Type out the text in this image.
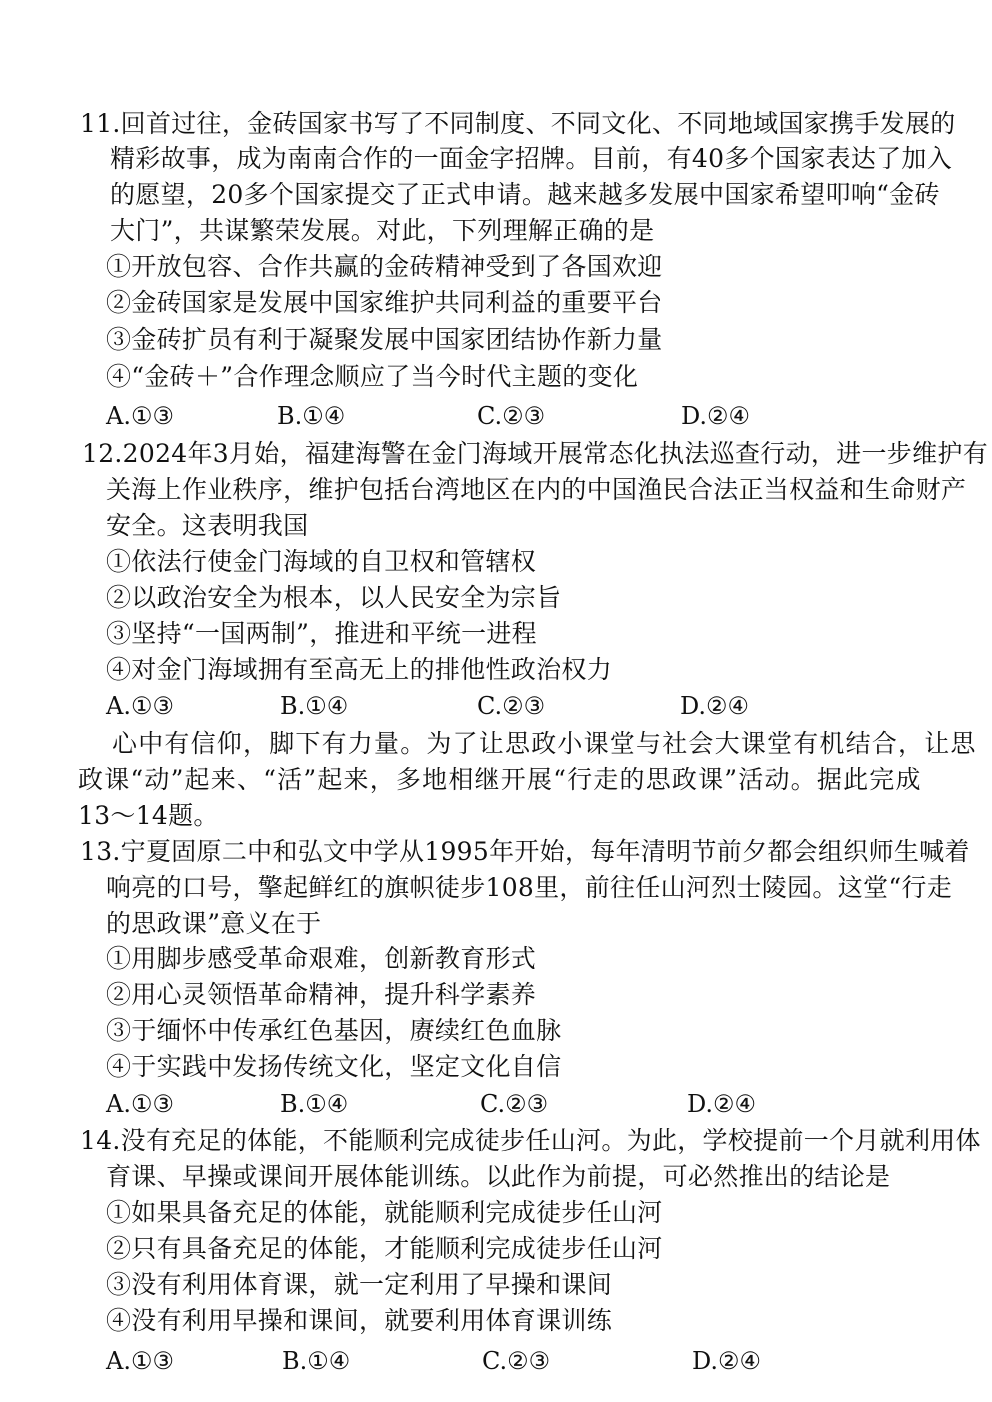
11.回首过往，金砖国家书写了不同制度、不同文化、不同地域国家携手发展的
精彩故事，成为南南合作的一面金字招牌。目前，有40多个国家表达了加入
的愿望，20多个国家提交了正式申请。越来越多发展中国家希望叩响“金砖
大门”，共谋繁荣发展。对此，下列理解正确的是
①开放包容、合作共赢的金砖精神受到了各国欢迎
②金砖国家是发展中国家维护共同利益的重要平台
③金砖扩员有利于凝聚发展中国家团结协作新力量
④“金砖＋”合作理念顺应了当今时代主题的变化
A.①③	B.①④	C.②③	D.②④
12.2024年3月始，福建海警在金门海域开展常态化执法巡查行动，进一步维护有
关海上作业秩序，维护包括台湾地区在内的中国渔民合法正当权益和生命财产
安全。这表明我国
①依法行使金门海域的自卫权和管辖权
②以政治安全为根本，以人民安全为宗旨
③坚持“一国两制”，推进和平统一进程
④对金门海域拥有至高无上的排他性政治权力
A.①③	B.①④	C.②③	D.②④
心中有信仰，脚下有力量。为了让思政小课堂与社会大课堂有机结合，让思
政课“动”起来、“活”起来，多地相继开展“行走的思政课”活动。据此完成
13～14题。
13.宁夏固原二中和弘文中学从1995年开始，每年清明节前夕都会组织师生喊着
响亮的口号，擎起鲜红的旗帜徒步108里，前往任山河烈士陵园。这堂“行走
的思政课”意义在于
①用脚步感受革命艰难，创新教育形式
②用心灵领悟革命精神，提升科学素养
③于缅怀中传承红色基因，赓续红色血脉
④于实践中发扬传统文化，坚定文化自信
A.①③	B.①④	C.②③	D.②④
14.没有充足的体能，不能顺利完成徒步任山河。为此，学校提前一个月就利用体
育课、早操或课间开展体能训练。以此作为前提，可必然推出的结论是
①如果具备充足的体能，就能顺利完成徒步任山河
②只有具备充足的体能，才能顺利完成徒步任山河
③没有利用体育课，就一定利用了早操和课间
④没有利用早操和课间，就要利用体育课训练
A.①③	B.①④	C.②③	D.②④
